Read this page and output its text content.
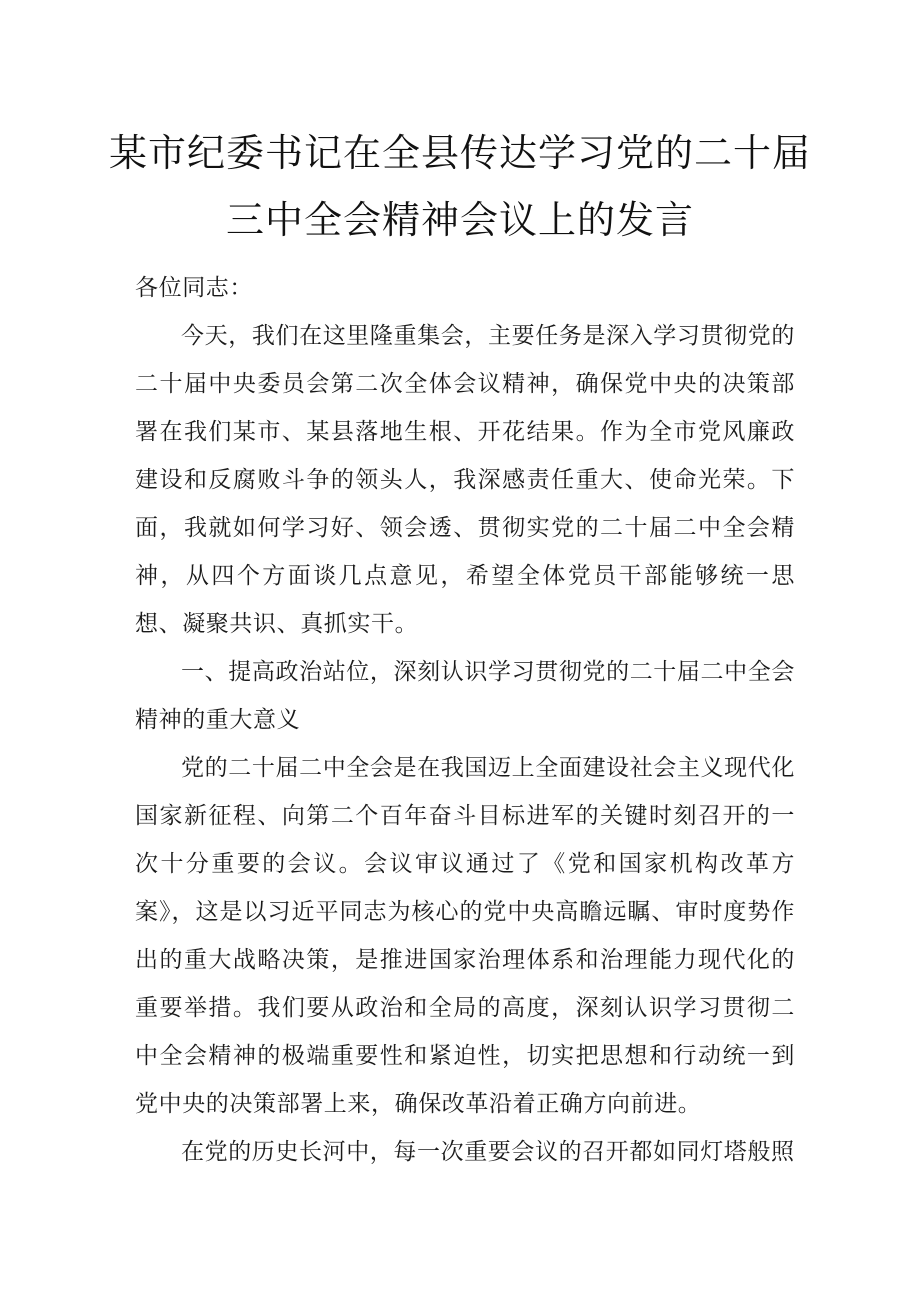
某市纪委书记在全县传达学习党的二十届
三中全会精神会议上的发言

各位同志：

今天，我们在这里隆重集会，主要任务是深入学习贯彻党的二十届中央委员会第二次全体会议精神，确保党中央的决策部署在我们某市、某县落地生根、开花结果。作为全市党风廉政建设和反腐败斗争的领头人，我深感责任重大、使命光荣。下面，我就如何学习好、领会透、贯彻实党的二十届二中全会精神，从四个方面谈几点意见，希望全体党员干部能够统一思想、凝聚共识、真抓实干。

一、提高政治站位，深刻认识学习贯彻党的二十届二中全会精神的重大意义

党的二十届二中全会是在我国迈上全面建设社会主义现代化国家新征程、向第二个百年奋斗目标进军的关键时刻召开的一次十分重要的会议。会议审议通过了《党和国家机构改革方案》，这是以习近平同志为核心的党中央高瞻远瞩、审时度势作出的重大战略决策，是推进国家治理体系和治理能力现代化的重要举措。我们要从政治和全局的高度，深刻认识学习贯彻二中全会精神的极端重要性和紧迫性，切实把思想和行动统一到党中央的决策部署上来，确保改革沿着正确方向前进。

在党的历史长河中，每一次重要会议的召开都如同灯塔般照
